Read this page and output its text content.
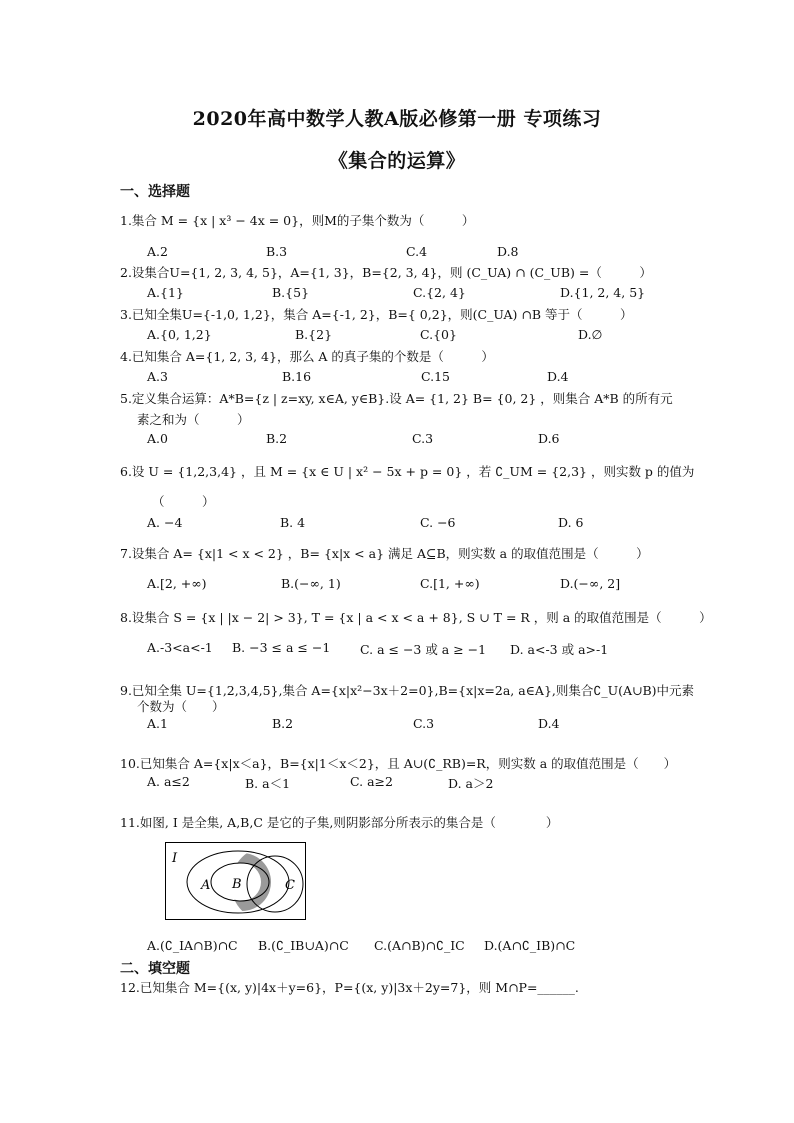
2020年高中数学人教A版必修第一册 专项练习
《集合的运算》
一、选择题
1.集合 M = {x | x³ − 4x = 0}，则M的子集个数为（　　　）
A.2	B.3	C.4	D.8
2.设集合U={1, 2, 3, 4, 5}，A={1, 3}，B={2, 3, 4}，则 (C_UA) ∩ (C_UB) =（　　　）
A.{1}	B.{5}	C.{2, 4}	D.{1, 2, 4, 5}
3.已知全集U={-1,0, 1,2}，集合 A={-1, 2}，B={ 0,2}，则(C_UA) ∩B 等于（　　　）
A.{0, 1,2}	B.{2}	C.{0}	D.∅
4.已知集合 A={1, 2, 3, 4}，那么 A 的真子集的个数是（　　　）
A.3	B.16	C.15	D.4
5.定义集合运算：A*B={z | z=xy, x∈A, y∈B}.设 A= {1, 2} B= {0, 2} ，则集合 A*B 的所有元
素之和为（　　　）
A.0	B.2	C.3	D.6
6.设 U = {1,2,3,4} ，且 M = {x ∈ U | x² − 5x + p = 0} ，若 ∁_UM = {2,3} ，则实数 p 的值为
（　　　）
A. −4	B. 4	C. −6	D. 6
7.设集合 A= {x|1 < x < 2} ，B= {x|x < a} 满足 A⊆B，则实数 a 的取值范围是（　　　）
A.[2, +∞)	B.(−∞, 1)	C.[1, +∞)	D.(−∞, 2]
8.设集合 S = {x | |x − 2| > 3}, T = {x | a < x < a + 8}, S ∪ T = R ，则 a 的取值范围是（　　　）
A.-3<a<-1 B. −3 ≤ a ≤ −1 C. a ≤ −3 或 a ≥ −1 D. a<-3 或 a>-1
9.已知全集 U={1,2,3,4,5},集合 A={x|x²−3x＋2=0},B={x|x=2a, a∈A},则集合∁_U(A∪B)中元素
个数为（　　）
A.1	B.2	C.3	D.4
10.已知集合 A={x|x＜a}，B={x|1＜x＜2}，且 A∪(∁_RB)=R，则实数 a 的取值范围是（　　）
A. a≤2	B. a＜1	C. a≥2	D. a＞2
11.如图, I 是全集, A,B,C 是它的子集,则阴影部分所表示的集合是（　　　　）
I
A B	C
A.(∁_IA∩B)∩C B.(∁_IB∪A)∩C C.(A∩B)∩∁_IC D.(A∩∁_IB)∩C
二、填空题
12.已知集合 M={(x, y)|4x＋y=6}，P={(x, y)|3x＋2y=7}，则 M∩P=______.
